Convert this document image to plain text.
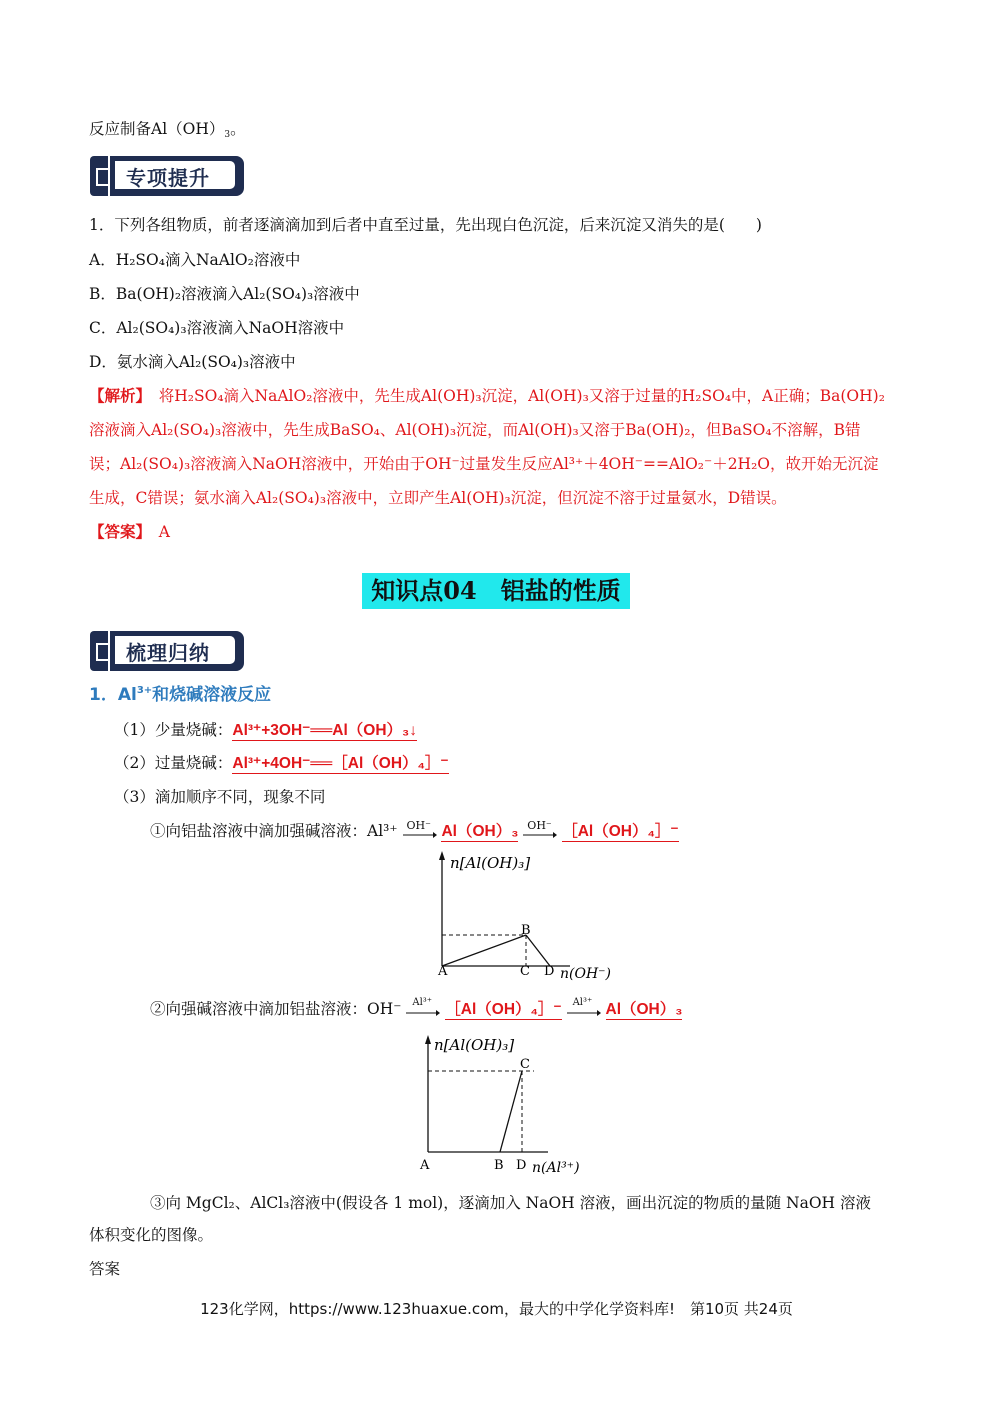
反应制备$Al(OH)_3$。
专项提升
1．下列各组物质，前者逐滴滴加到后者中直至过量，先出现白色沉淀，后来沉淀又消失的是(　　)
A．H₂SO₄滴入NaAlO₂溶液中
B．Ba(OH)₂溶液滴入Al₂(SO₄)₃溶液中
C．Al₂(SO₄)₃溶液滴入NaOH溶液中
D．氨水滴入Al₂(SO₄)₃溶液中
【解析】　将H₂SO₄滴入NaAlO₂溶液中，先生成Al(OH)₃沉淀，Al(OH)₃又溶于过量的H₂SO₄中，A正确；Ba(OH)₂
溶液滴入Al₂(SO₄)₃溶液中，先生成BaSO₄、Al(OH)₃沉淀，而Al(OH)₃又溶于Ba(OH)₂，但BaSO₄不溶解，B错
误；Al₂(SO₄)₃溶液滴入NaOH溶液中，开始由于OH⁻过量发生反应Al³⁺＋4OH⁻==AlO₂⁻＋2H₂O，故开始无沉淀
生成，C错误；氨水滴入Al₂(SO₄)₃溶液中，立即产生Al(OH)₃沉淀，但沉淀不溶于过量氨水，D错误。
【答案】　 A
知识点04　铝盐的性质
梳理归纳
1．$Al^{3+}$和烧碱溶液反应
（1）少量烧碱：Al³⁺+3OH⁻══Al（OH）₃↓
（2）过量烧碱：Al³⁺+4OH⁻══［Al（OH）₄］⁻
（3）滴加顺序不同，现象不同
①向铝盐溶液中滴加强碱溶液：Al³⁺ OH⁻ Al（OH）₃ OH⁻ ［Al（OH）₄］⁻
n[Al(OH)₃]
A
B
C D n(OH⁻)
②向强碱溶液中滴加铝盐溶液：OH⁻ Al³⁺ ［Al（OH）₄］⁻ Al³⁺ Al（OH）₃
n[Al(OH)₃]
A	B
C
D n(Al³⁺)
③向 MgCl₂、AlCl₃溶液中(假设各 1 mol)，逐滴加入 NaOH 溶液，画出沉淀的物质的量随 NaOH 溶液
体积变化的图像。
答案
123化学网，https://www.123huaxue.com，最大的中学化学资料库!　第10页 共24页
